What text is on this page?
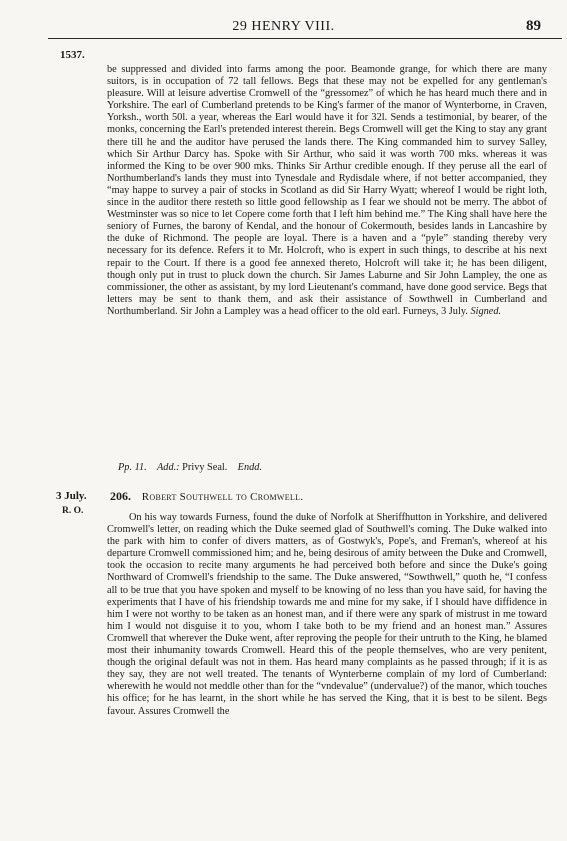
29 HENRY VIII.	89
1537.

be suppressed and divided into farms among the poor. Beamonde grange, for which there are many suitors, is in occupation of 72 tall fellows. Begs that these may not be expelled for any gentleman's pleasure. Will at leisure advertise Cromwell of the “gressomez” of which he has heard much there and in Yorkshire. The earl of Cumberland pretends to be King's farmer of the manor of Wynterborne, in Craven, Yorksh., worth 50l. a year, whereas the Earl would have it for 32l. Sends a testimonial, by bearer, of the monks, concerning the Earl's pretended interest therein. Begs Cromwell will get the King to stay any grant there till he and the auditor have perused the lands there. The King commanded him to survey Salley, which Sir Arthur Darcy has. Spoke with Sir Arthur, who said it was worth 700 mks. whereas it was informed the King to be over 900 mks. Thinks Sir Arthur credible enough. If they peruse all the earl of Northumberland's lands they must into Tynesdale and Rydisdale where, if not better accompanied, they “may happe to survey a pair of stocks in Scotland as did Sir Harry Wyatt; whereof I would be right loth, since in the auditor there resteth so little good fellowship as I fear we should not be merry. The abbot of Westminster was so nice to let Copere come forth that I left him behind me.” The King shall have here the seniory of Furnes, the barony of Kendal, and the honour of Cokermouth, besides lands in Lancashire by the duke of Richmond. The people are loyal. There is a haven and a “pyle” standing thereby very necessary for its defence. Refers it to Mr. Holcroft, who is expert in such things, to describe at his next repair to the Court. If there is a good fee annexed thereto, Holcroft will take it; he has been diligent, though only put in trust to pluck down the church. Sir James Laburne and Sir John Lampley, the one as commissioner, the other as assistant, by my lord Lieutenant's command, have done good service. Begs that letters may be sent to thank them, and ask their assistance of Sowthwell in Cumberland and Northumberland. Sir John a Lampley was a head officer to the old earl. Furneys, 3 July. Signed.

Pp. 11. Add.: Privy Seal. Endd.
3 July.
R. O.
206. Robert Southwell to Cromwell.
On his way towards Furness, found the duke of Norfolk at Sheriffhutton in Yorkshire, and delivered Cromwell's letter, on reading which the Duke seemed glad of Southwell's coming. The Duke walked into the park with him to confer of divers matters, as of Gostwyk's, Pope's, and Freman's, whereof at his departure Cromwell commissioned him; and he, being desirous of amity between the Duke and Cromwell, took the occasion to recite many arguments he had perceived both before and since the Duke's going Northward of Cromwell's friendship to the same. The Duke answered, “Sowthwell,” quoth he, “I confess all to be true that you have spoken and myself to be knowing of no less than you have said, for having the experiments that I have of his friendship towards me and mine for my sake, if I should have diffidence in him I were not worthy to be taken as an honest man, and if there were any spark of mistrust in me toward him I would not disguise it to you, whom I take both to be my friend and an honest man.” Assures Cromwell that wherever the Duke went, after reproving the people for their untruth to the King, he blamed most their inhumanity towards Cromwell. Heard this of the people themselves, who are very penitent, though the original default was not in them. Has heard many complaints as he passed through; if it is as they say, they are not well treated. The tenants of Wynterberne complain of my lord of Cumberland: wherewith he would not meddle other than for the “vndevalue” (undervalue?) of the manor, which touches his office; for he has learnt, in the short while he has served the King, that it is best to be silent. Begs favour. Assures Cromwell the
